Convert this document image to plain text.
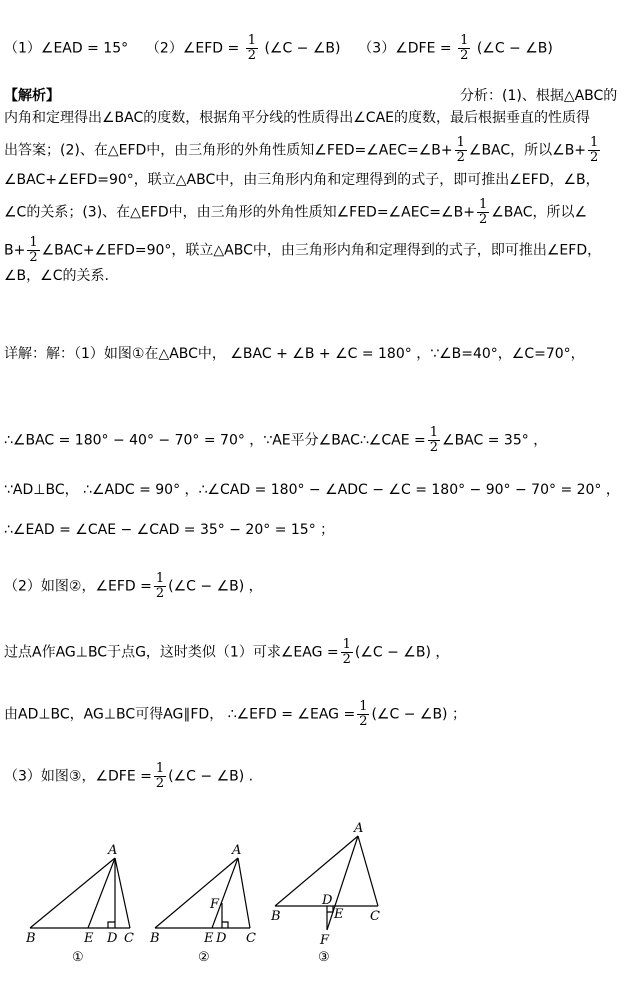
（1）∠EAD = 15° （2）∠EFD = $\frac{1}{2}$ (∠C − ∠B) （3）∠DFE = $\frac{1}{2}$ (∠C − ∠B)
【解析】	分析：(1)、根据△ABC的
内角和定理得出∠BAC的度数，根据角平分线的性质得出∠CAE的度数，最后根据垂直的性质得
出答案；(2)、在△EFD中，由三角形的外角性质知∠FED=∠AEC=∠B+ $\frac{1}{2}$ ∠BAC，所以∠B+ $\frac{1}{2}$
∠BAC+∠EFD=90°，联立△ABC中，由三角形内角和定理得到的式子，即可推出∠EFD，∠B，
∠C的关系；(3)、在△EFD中，由三角形的外角性质知∠FED=∠AEC=∠B+ $\frac{1}{2}$ ∠BAC，所以∠
$B+ \frac{1}{2}$ ∠BAC+∠EFD=90°，联立△ABC中，由三角形内角和定理得到的式子，即可推出∠EFD，
∠B，∠C的关系.
详解：解：（1）如图①在△ABC中， ∠BAC + ∠B + ∠C = 180° ，∵∠B=40°，∠C=70°，
∴∠BAC = 180° − 40° − 70° = 70° ，∵AE平分∠BAC∴∠CAE = $\frac{1}{2}$ ∠BAC = 35° ，
∵AD⊥BC， ∴∠ADC = 90° ，∴∠CAD = 180° − ∠ADC − ∠C = 180° − 90° − 70° = 20° ，
∴∠EAD = ∠CAE − ∠CAD = 35° − 20° = 15° ；
（2）如图②，∠EFD = $\frac{1}{2}$ (∠C − ∠B) ，
过点A作AG⊥BC于点G，这时类似（1）可求∠EAG = $\frac{1}{2}$ (∠C − ∠B) ，
由AD⊥BC，AG⊥BC可得AG∥FD， ∴∠EFD = ∠EAG = $\frac{1}{2}$ (∠C − ∠B) ；
（3）如图③，∠DFE = $\frac{1}{2}$ (∠C − ∠B) .
A
B	E D C
①
A
F
B	E D C
②
A
B
D
E C
F
③
